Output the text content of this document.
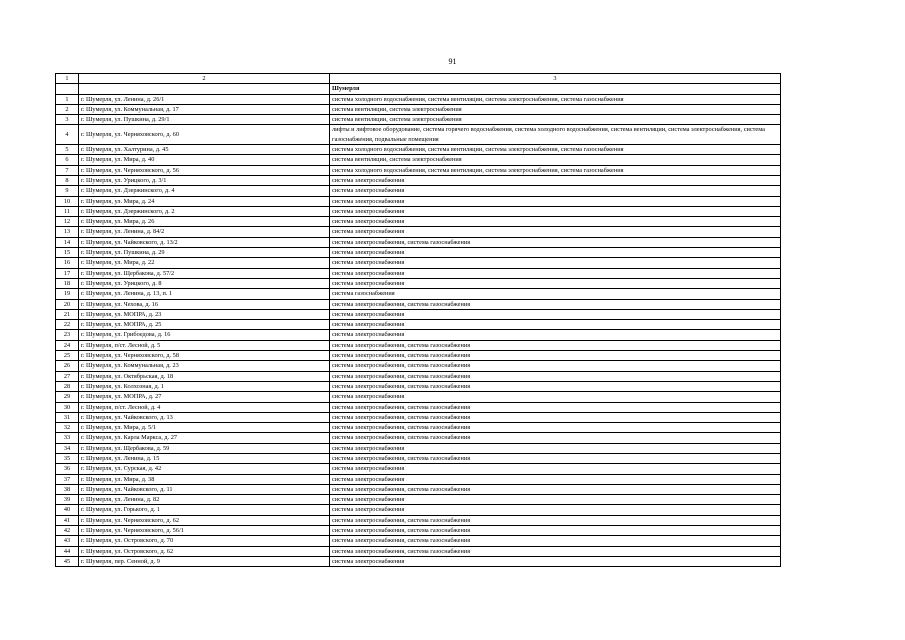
91
1	2	3
		Шумерля
1	г. Шумерля, ул. Ленина, д. 26/1	система холодного водоснабжения, система вентиляции, система электроснабжения, система газоснабжения
2	г. Шумерля, ул. Коммунальная, д. 17	система вентиляции, система электроснабжения
3	г. Шумерля, ул. Пушкина, д. 29/1	система вентиляции, система электроснабжения
4	г. Шумерля, ул. Черняховского, д. 60	лифты и лифтовое оборудование, система горячего водоснабжения, система холодного водоснабжения, система вентиляции, система электроснабжения, система газоснабжения, подвальные помещения
5	г. Шумерля, ул. Халтурина, д. 45	система холодного водоснабжения, система вентиляции, система электроснабжения, система газоснабжения
6	г. Шумерля, ул. Мира, д. 40	система вентиляции, система электроснабжения
7	г. Шумерля, ул. Черняховского, д. 56	система холодного водоснабжения, система вентиляции, система электроснабжения, система газоснабжения
8	г. Шумерля, ул. Урицкого, д. 3/1	система электроснабжения
9	г. Шумерля, ул. Дзержинского, д. 4	система электроснабжения
10	г. Шумерля, ул. Мира, д. 24	система электроснабжения
11	г. Шумерля, ул. Дзержинского, д. 2	система электроснабжения
12	г. Шумерля, ул. Мира, д. 26	система электроснабжения
13	г. Шумерля, ул. Ленина, д. 84/2	система электроснабжения
14	г. Шумерля, ул. Чайковского, д. 13/2	система электроснабжения, система газоснабжения
15	г. Шумерля, ул. Пушкина, д. 29	система электроснабжения
16	г. Шумерля, ул. Мира, д. 22	система электроснабжения
17	г. Шумерля, ул. Щербакова, д. 57/2	система электроснабжения
18	г. Шумерля, ул. Урицкого, д. 8	система электроснабжения
19	г. Шумерля, ул. Ленина, д. 13, п. 1	система газоснабжения
20	г. Шумерля, ул. Чехова, д. 16	система электроснабжения, система газоснабжения
21	г. Шумерля, ул. МОПРА, д. 23	система электроснабжения
22	г. Шумерля, ул. МОПРА, д. 25	система электроснабжения
23	г. Шумерля, ул. Грибоедова, д. 16	система электроснабжения
24	г. Шумерля, п/ст. Лесной, д. 5	система электроснабжения, система газоснабжения
25	г. Шумерля, ул. Черняховского, д. 58	система электроснабжения, система газоснабжения
26	г. Шумерля, ул. Коммунальная, д. 23	система электроснабжения, система газоснабжения
27	г. Шумерля, ул. Октябрьская, д. 18	система электроснабжения, система газоснабжения
28	г. Шумерля, ул. Колхозная, д. 1	система электроснабжения, система газоснабжения
29	г. Шумерля, ул. МОПРА, д. 27	система электроснабжения
30	г. Шумерля, п/ст. Лесной, д. 4	система электроснабжения, система газоснабжения
31	г. Шумерля, ул. Чайковского, д. 13	система электроснабжения, система газоснабжения
32	г. Шумерля, ул. Мира, д. 5/1	система электроснабжения, система газоснабжения
33	г. Шумерля, ул. Карла Маркса, д. 27	система электроснабжения, система газоснабжения
34	г. Шумерля, ул. Щербакова, д. 59	система электроснабжения
35	г. Шумерля, ул. Ленина, д. 15	система электроснабжения, система газоснабжения
36	г. Шумерля, ул. Сурская, д. 42	система электроснабжения
37	г. Шумерля, ул. Мира, д. 38	система электроснабжения
38	г. Шумерля, ул. Чайковского, д. 11	система электроснабжения, система газоснабжения
39	г. Шумерля, ул. Ленина, д. 82	система электроснабжения
40	г. Шумерля, ул. Горького, д. 1	система электроснабжения
41	г. Шумерля, ул. Черняховского, д. 62	система электроснабжения, система газоснабжения
42	г. Шумерля, ул. Черняховского, д. 56/1	система электроснабжения, система газоснабжения
43	г. Шумерля, ул. Островского, д. 70	система электроснабжения, система газоснабжения
44	г. Шумерля, ул. Островского, д. 62	система электроснабжения, система газоснабжения
45	г. Шумерля, пер. Сенной, д. 9	система электроснабжения
